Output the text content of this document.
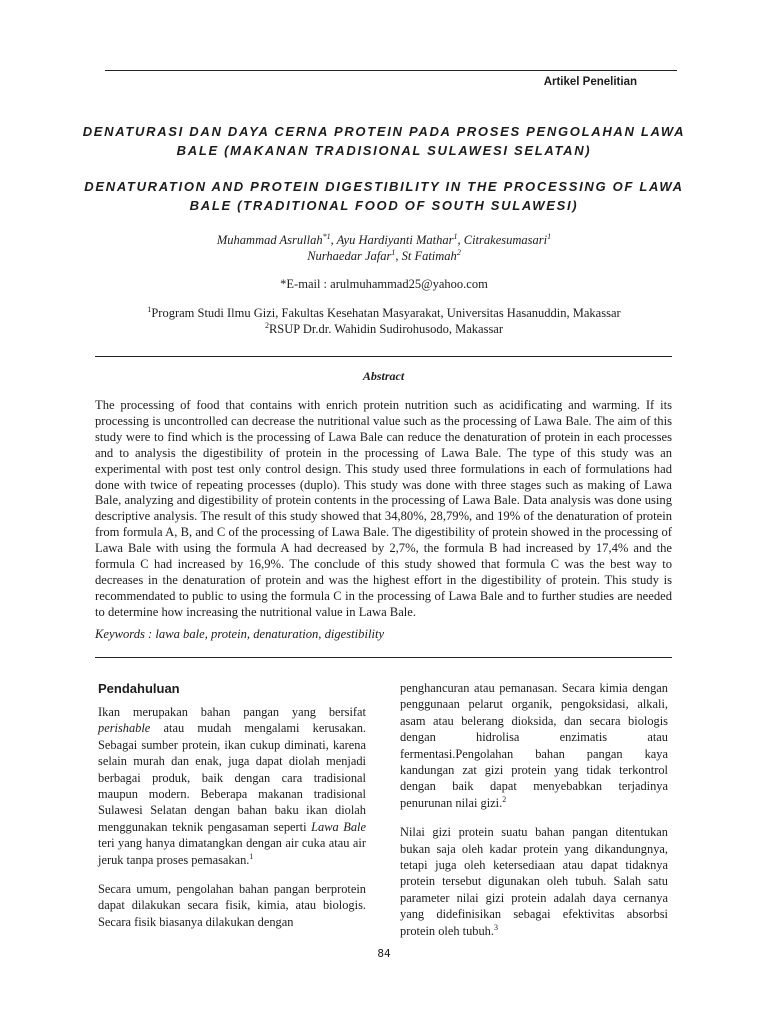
Artikel Penelitian
DENATURASI DAN DAYA CERNA PROTEIN PADA PROSES PENGOLAHAN LAWA BALE (MAKANAN TRADISIONAL SULAWESI SELATAN)
DENATURATION AND PROTEIN DIGESTIBILITY IN THE PROCESSING OF LAWA BALE (TRADITIONAL FOOD OF SOUTH SULAWESI)
Muhammad Asrullah$^{*1}$, Ayu Hardiyanti Mathar$^1$, Citrakesumasari$^1$
Nurhaedar Jafar$^1$, St Fatimah$^2$
*E-mail : arulmuhammad25@yahoo.com
$^1$Program Studi Ilmu Gizi, Fakultas Kesehatan Masyarakat, Universitas Hasanuddin, Makassar
$^2$RSUP Dr.dr. Wahidin Sudirohusodo, Makassar
Abstract

The processing of food that contains with enrich protein nutrition such as acidificating and warming. If its processing is uncontrolled can decrease the nutritional value such as the processing of Lawa Bale. The aim of this study were to find which is the processing of Lawa Bale can reduce the denaturation of protein in each processes and to analysis the digestibility of protein in the processing of Lawa Bale. The type of this study was an experimental with post test only control design. This study used three formulations in each of formulations had done with twice of repeating processes (duplo). This study was done with three stages such as making of Lawa Bale, analyzing and digestibility of protein contents in the processing of Lawa Bale. Data analysis was done using descriptive analysis. The result of this study showed that 34,80%, 28,79%, and 19% of the denaturation of protein from formula A, B, and C of the processing of Lawa Bale. The digestibility of protein showed in the processing of Lawa Bale with using the formula A had decreased by 2,7%, the formula B had increased by 17,4% and the formula C had increased by 16,9%. The conclude of this study showed that formula C was the best way to decreases in the denaturation of protein and was the highest effort in the digestibility of protein. This study is recommendated to public to using the formula C in the processing of Lawa Bale and to further studies are needed to determine how increasing the nutritional value in Lawa Bale.

Keywords : lawa bale, protein, denaturation, digestibility

Pendahuluan

Ikan merupakan bahan pangan yang bersifat perishable atau mudah mengalami kerusakan. Sebagai sumber protein, ikan cukup diminati, karena selain murah dan enak, juga dapat diolah menjadi berbagai produk, baik dengan cara tradisional maupun modern. Beberapa makanan tradisional Sulawesi Selatan dengan bahan baku ikan diolah menggunakan teknik pengasaman seperti Lawa Bale teri yang hanya dimatangkan dengan air cuka atau air jeruk tanpa proses pemasakan.$^1$

Secara umum, pengolahan bahan pangan berprotein dapat dilakukan secara fisik, kimia, atau biologis. Secara fisik biasanya dilakukan dengan

penghancuran atau pemanasan. Secara kimia dengan penggunaan pelarut organik, pengoksidasi, alkali, asam atau belerang dioksida, dan secara biologis dengan hidrolisa enzimatis atau fermentasi.Pengolahan bahan pangan kaya kandungan zat gizi protein yang tidak terkontrol dengan baik dapat menyebabkan terjadinya penurunan nilai gizi.$^2$

Nilai gizi protein suatu bahan pangan ditentukan bukan saja oleh kadar protein yang dikandungnya, tetapi juga oleh ketersediaan atau dapat tidaknya protein tersebut digunakan oleh tubuh. Salah satu parameter nilai gizi protein adalah daya cernanya yang didefinisikan sebagai efektivitas absorbsi protein oleh tubuh.$^3$

84
